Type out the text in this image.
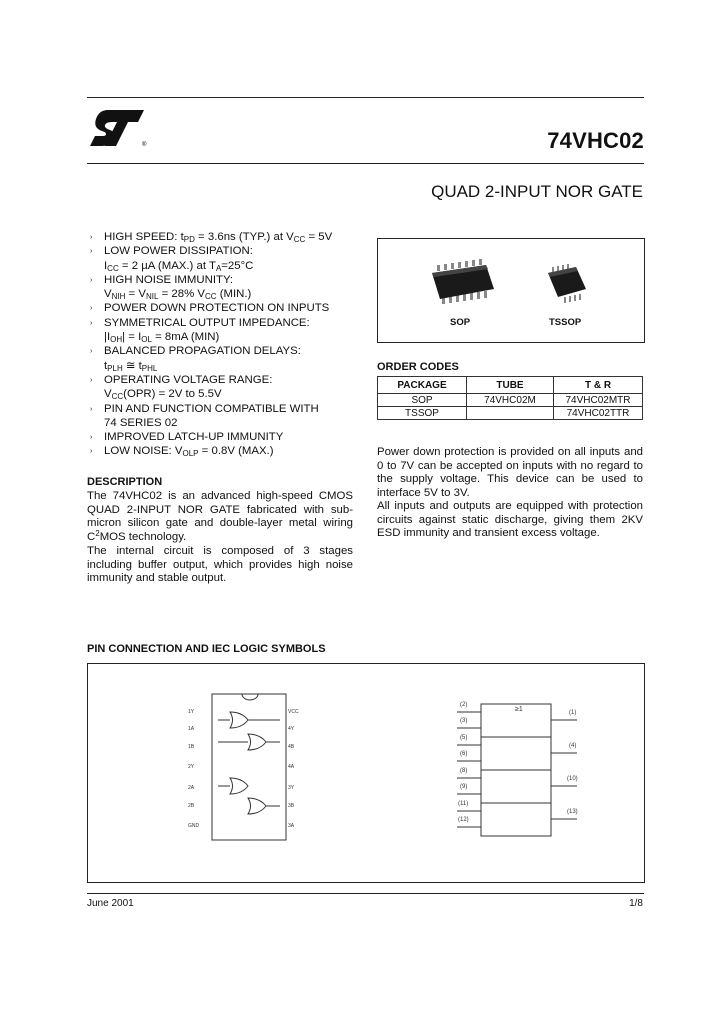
®	74VHC02
QUAD 2-INPUT NOR GATE
› HIGH SPEED: $t_{PD} = 3.6ns$ (TYP.) at $V_{CC} = 5V$
› LOW POWER DISSIPATION:
$I_{CC} = 2$ µA (MAX.) at $T_A=25^\circ C$
› HIGH NOISE IMMUNITY:
$V_{NIH} = V_{NIL} = 28\%$ $V_{CC}$ (MIN.)
› POWER DOWN PROTECTION ON INPUTS
› SYMMETRICAL OUTPUT IMPEDANCE:
$|I_{OH}| = I_{OL} = 8mA$ (MIN)
› BALANCED PROPAGATION DELAYS:
$t_{PLH}$ ≅ $t_{PHL}$
› OPERATING VOLTAGE RANGE:
$V_{CC}(OPR) = 2V$ to 5.5V
› PIN AND FUNCTION COMPATIBLE WITH
74 SERIES 02
› IMPROVED LATCH-UP IMMUNITY
› LOW NOISE: $V_{OLP} = 0.8V$ (MAX.)
DESCRIPTION
The 74VHC02 is an advanced high-speed CMOS QUAD 2-INPUT NOR GATE fabricated with sub-micron silicon gate and double-layer metal wiring $C^2MOS$ technology.
The internal circuit is composed of 3 stages including buffer output, which provides high noise immunity and stable output.
SOP	TSSOP
ORDER CODES
PACKAGE	TUBE	T & R
SOP	74VHC02M	74VHC02MTR
TSSOP		74VHC02TTR
Power down protection is provided on all inputs and 0 to 7V can be accepted on inputs with no regard to the supply voltage. This device can be used to interface 5V to 3V.
All inputs and outputs are equipped with protection circuits against static discharge, giving them 2KV ESD immunity and transient excess voltage.
PIN CONNECTION AND IEC LOGIC SYMBOLS
1Y
1A
1B
2Y
2A
2B
GND
VCC
4Y
4B
4A
3Y
3B
3A
≥1
(2)
(3)
(5)
(6)
(8)
(9)
(11)
(12)
(1)
(4)
(10)
(13)
June 2001	1/8
